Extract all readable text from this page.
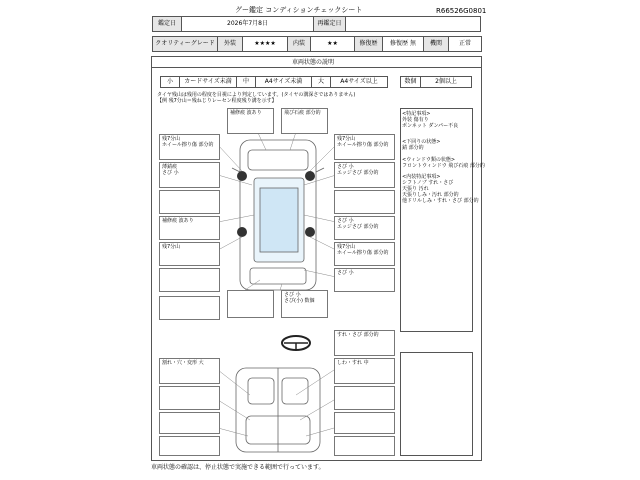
グー鑑定 コンディションチェックシート	R66526G0801
鑑定日	2026年7月8日	再鑑定日
クオリティーグレード	外装	★★★★	内装	★★	修復歴	修復歴 無	機関	正常
車両状態の説明
小	カードサイズ未満	中	A4サイズ未満	大	A4サイズ以上	数個	2個以上
タイヤ残山は残用の程度を目視により判定しています。(タイヤの溝深さではありません)
【例 残7分山＝残ねじりレーセン程度残り溝を示す】
補修痕 波あり	飛び石痕 部分的
残7分山
ホイール擦り傷 部分的
残7分山
ホイール擦り傷 部分的
薄錆痕
さび 小
さび 小
エッジさび 部分的
補修痕 波あり	さび 小
エッジさび 部分的
残7分山	残7分山
ホイール擦り傷 部分的
さび 小
さび 小
さび(小) 数個
すれ・さび 部分的
割れ・穴・変形 大	しわ・すれ 中
<特記事項>
外装 傷有り
ボンネット ダンパー不良
<下回りの状態>
錆 部分的
<ウィンドウ類の状態>
フロントウィンドウ 飛び石痕 部分的
<内装特記事項>
シフトノブ すれ・さび
天張り 汚れ
天張りしみ・汚れ 部分的
他ドリルしみ・すれ・さび 部分的
車両状態の確認は、停止状態で実施できる範囲で行っています。
